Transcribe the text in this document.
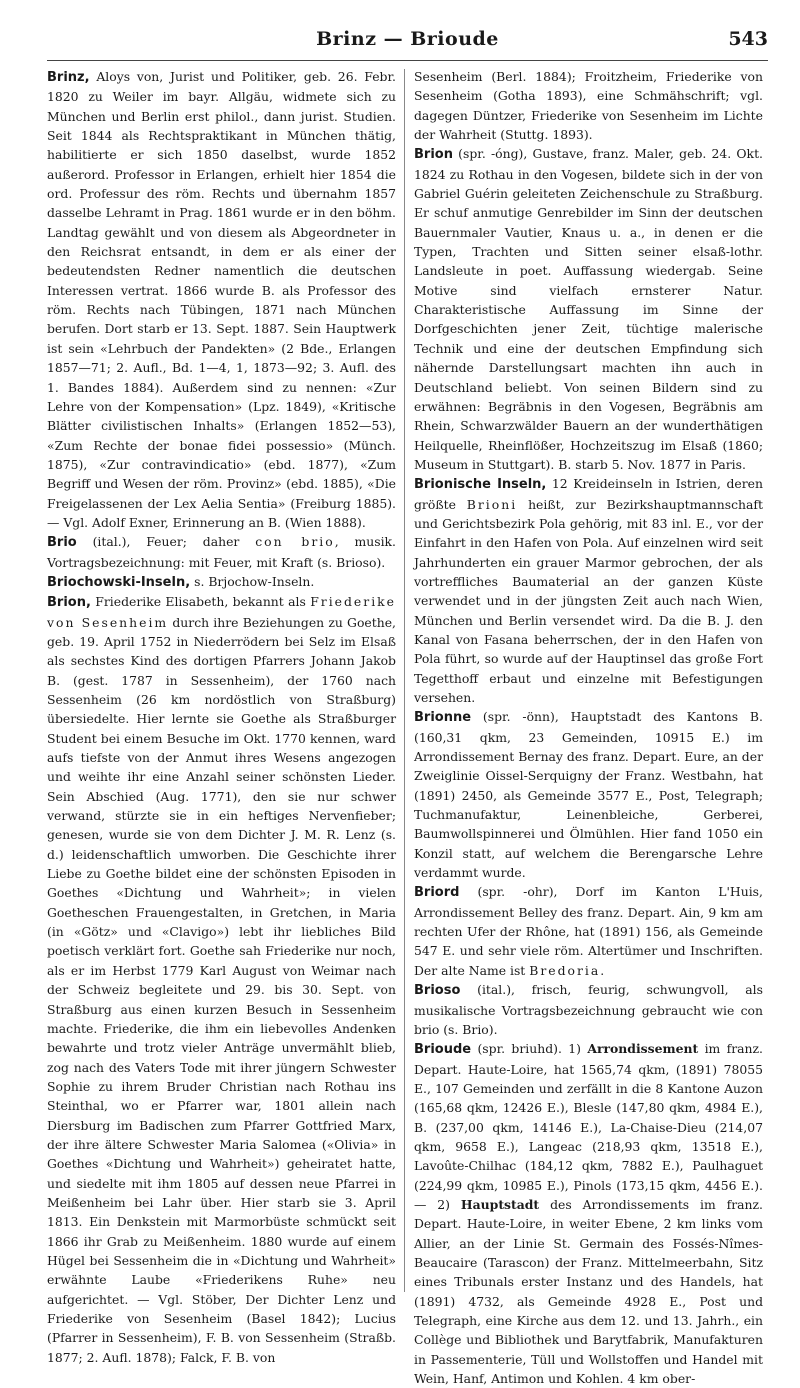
Brinz — Brioude	543

Brinz, Aloys von, Jurist und Politiker, geb. 26. Febr. 1820 zu Weiler im bayr. Allgäu, widmete sich zu München und Berlin erst philol., dann jurist. Studien. Seit 1844 als Rechtspraktikant in München thätig, habilitierte er sich 1850 daselbst, wurde 1852 außerord. Professor in Erlangen, erhielt hier 1854 die ord. Professur des röm. Rechts und übernahm 1857 dasselbe Lehramt in Prag. 1861 wurde er in den böhm. Landtag gewählt und von diesem als Abgeordneter in den Reichsrat entsandt, in dem er als einer der bedeutendsten Redner namentlich die deutschen Interessen vertrat. 1866 wurde B. als Professor des röm. Rechts nach Tübingen, 1871 nach München berufen. Dort starb er 13. Sept. 1887. Sein Hauptwerk ist sein «Lehrbuch der Pandekten» (2 Bde., Erlangen 1857—71; 2. Aufl., Bd. 1—4, 1, 1873—92; 3. Aufl. des 1. Bandes 1884). Außerdem sind zu nennen: «Zur Lehre von der Kompensation» (Lpz. 1849), «Kritische Blätter civilistischen Inhalts» (Erlangen 1852—53), «Zum Rechte der bonae fidei possessio» (Münch. 1875), «Zur contravindicatio» (ebd. 1877), «Zum Begriff und Wesen der röm. Provinz» (ebd. 1885), «Die Freigelassenen der Lex Aelia Sentia» (Freiburg 1885). — Vgl. Adolf Exner, Erinnerung an B. (Wien 1888).

Brio (ital.), Feuer; daher con brio, musik. Vortragsbezeichnung: mit Feuer, mit Kraft (s. Brioso).

Briochowski-Inseln, s. Brjochow-Inseln.

Brion, Friederike Elisabeth, bekannt als Friederike von Sesenheim durch ihre Beziehungen zu Goethe, geb. 19. April 1752 in Niederrödern bei Selz im Elsaß als sechstes Kind des dortigen Pfarrers Johann Jakob B. (gest. 1787 in Sessenheim), der 1760 nach Sessenheim (26 km nordöstlich von Straßburg) übersiedelte. Hier lernte sie Goethe als Straßburger Student bei einem Besuche im Okt. 1770 kennen, ward aufs tiefste von der Anmut ihres Wesens angezogen und weihte ihr eine Anzahl seiner schönsten Lieder. Sein Abschied (Aug. 1771), den sie nur schwer verwand, stürzte sie in ein heftiges Nervenfieber; genesen, wurde sie von dem Dichter J. M. R. Lenz (s. d.) leidenschaftlich umworben. Die Geschichte ihrer Liebe zu Goethe bildet eine der schönsten Episoden in Goethes «Dichtung und Wahrheit»; in vielen Goetheschen Frauengestalten, in Gretchen, in Maria (in «Götz» und «Clavigo») lebt ihr liebliches Bild poetisch verklärt fort. Goethe sah Friederike nur noch, als er im Herbst 1779 Karl August von Weimar nach der Schweiz begleitete und 29. bis 30. Sept. von Straßburg aus einen kurzen Besuch in Sessenheim machte. Friederike, die ihm ein liebevolles Andenken bewahrte und trotz vieler Anträge unvermählt blieb, zog nach des Vaters Tode mit ihrer jüngern Schwester Sophie zu ihrem Bruder Christian nach Rothau ins Steinthal, wo er Pfarrer war, 1801 allein nach Diersburg im Badischen zum Pfarrer Gottfried Marx, der ihre ältere Schwester Maria Salomea («Olivia» in Goethes «Dichtung und Wahrheit») geheiratet hatte, und siedelte mit ihm 1805 auf dessen neue Pfarrei in Meißenheim bei Lahr über. Hier starb sie 3. April 1813. Ein Denkstein mit Marmorbüste schmückt seit 1866 ihr Grab zu Meißenheim. 1880 wurde auf einem Hügel bei Sessenheim die in «Dichtung und Wahrheit» erwähnte Laube «Friederikens Ruhe» neu aufgerichtet. — Vgl. Stöber, Der Dichter Lenz und Friederike von Sesenheim (Basel 1842); Lucius (Pfarrer in Sessenheim), F. B. von Sessenheim (Straßb. 1877; 2. Aufl. 1878); Falck, F. B. von

Sesenheim (Berl. 1884); Froitzheim, Friederike von Sesenheim (Gotha 1893), eine Schmähschrift; vgl. dagegen Düntzer, Friederike von Sesenheim im Lichte der Wahrheit (Stuttg. 1893).

Brion (spr. -óng), Gustave, franz. Maler, geb. 24. Okt. 1824 zu Rothau in den Vogesen, bildete sich in der von Gabriel Guérin geleiteten Zeichenschule zu Straßburg. Er schuf anmutige Genrebilder im Sinn der deutschen Bauernmaler Vautier, Knaus u. a., in denen er die Typen, Trachten und Sitten seiner elsaß-lothr. Landsleute in poet. Auffassung wiedergab. Seine Motive sind vielfach ernsterer Natur. Charakteristische Auffassung im Sinne der Dorfgeschichten jener Zeit, tüchtige malerische Technik und eine der deutschen Empfindung sich nähernde Darstellungsart machten ihn auch in Deutschland beliebt. Von seinen Bildern sind zu erwähnen: Begräbnis in den Vogesen, Begräbnis am Rhein, Schwarzwälder Bauern an der wunderthätigen Heilquelle, Rheinflößer, Hochzeitszug im Elsaß (1860; Museum in Stuttgart). B. starb 5. Nov. 1877 in Paris.

Brionische Inseln, 12 Kreideinseln in Istrien, deren größte Brioni heißt, zur Bezirkshauptmannschaft und Gerichtsbezirk Pola gehörig, mit 83 inl. E., vor der Einfahrt in den Hafen von Pola. Auf einzelnen wird seit Jahrhunderten ein grauer Marmor gebrochen, der als vortreffliches Baumaterial an der ganzen Küste verwendet und in der jüngsten Zeit auch nach Wien, München und Berlin versendet wird. Da die B. J. den Kanal von Fasana beherrschen, der in den Hafen von Pola führt, so wurde auf der Hauptinsel das große Fort Tegetthoff erbaut und einzelne mit Befestigungen versehen.

Brionne (spr. -önn), Hauptstadt des Kantons B. (160,31 qkm, 23 Gemeinden, 10915 E.) im Arrondissement Bernay des franz. Depart. Eure, an der Zweiglinie Oissel-Serquigny der Franz. Westbahn, hat (1891) 2450, als Gemeinde 3577 E., Post, Telegraph; Tuchmanufaktur, Leinenbleiche, Gerberei, Baumwollspinnerei und Ölmühlen. Hier fand 1050 ein Konzil statt, auf welchem die Berengarsche Lehre verdammt wurde.

Briord (spr. -ohr), Dorf im Kanton L'Huis, Arrondissement Belley des franz. Depart. Ain, 9 km am rechten Ufer der Rhône, hat (1891) 156, als Gemeinde 547 E. und sehr viele röm. Altertümer und Inschriften. Der alte Name ist Bredoria.

Brioso (ital.), frisch, feurig, schwungvoll, als musikalische Vortragsbezeichnung gebraucht wie con brio (s. Brio).

Brioude (spr. briuhd). 1) Arrondissement im franz. Depart. Haute-Loire, hat 1565,74 qkm, (1891) 78055 E., 107 Gemeinden und zerfällt in die 8 Kantone Auzon (165,68 qkm, 12426 E.), Blesle (147,80 qkm, 4984 E.), B. (237,00 qkm, 14146 E.), La-Chaise-Dieu (214,07 qkm, 9658 E.), Langeac (218,93 qkm, 13518 E.), Lavoûte-Chilhac (184,12 qkm, 7882 E.), Paulhaguet (224,99 qkm, 10985 E.), Pinols (173,15 qkm, 4456 E.). — 2) Hauptstadt des Arrondissements im franz. Depart. Haute-Loire, in weiter Ebene, 2 km links vom Allier, an der Linie St. Germain des Fossés-Nîmes-Beaucaire (Tarascon) der Franz. Mittelmeerbahn, Sitz eines Tribunals erster Instanz und des Handels, hat (1891) 4732, als Gemeinde 4928 E., Post und Telegraph, eine Kirche aus dem 12. und 13. Jahrh., ein Collège und Bibliothek und Barytfabrik, Manufakturen in Passementerie, Tüll und Wollstoffen und Handel mit Wein, Hanf, Antimon und Kohlen. 4 km ober-
